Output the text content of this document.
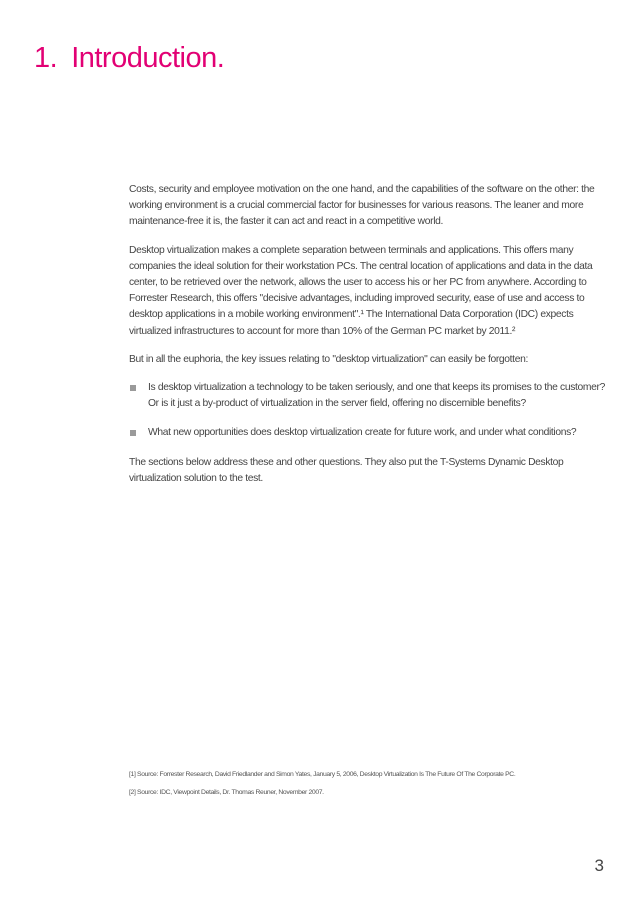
1. Introduction.

Costs, security and employee motivation on the one hand, and the capabilities of the software on the other: the working environment is a crucial commercial factor for businesses for various reasons. The leaner and more maintenance-free it is, the faster it can act and react in a competitive world.

Desktop virtualization makes a complete separation between terminals and applications. This offers many companies the ideal solution for their workstation PCs. The central location of applications and data in the data center, to be retrieved over the network, allows the user to access his or her PC from anywhere. According to Forrester Research, this offers "decisive advantages, including improved security, ease of use and access to desktop applications in a mobile working environment".¹ The International Data Corporation (IDC) expects virtualized infrastructures to account for more than 10% of the German PC market by 2011.²

But in all the euphoria, the key issues relating to "desktop virtualization" can easily be forgotten:

Is desktop virtualization a technology to be taken seriously, and one that keeps its promises to the customer? Or is it just a by-product of virtualization in the server field, offering no discernible benefits?
What new opportunities does desktop virtualization create for future work, and under what conditions?

The sections below address these and other questions. They also put the T-Systems Dynamic Desktop virtualization solution to the test.

[1] Source: Forrester Research, David Friedlander and Simon Yates, January 5, 2006, Desktop Virtualization Is The Future Of The Corporate PC.
[2] Source: IDC, Viewpoint Details, Dr. Thomas Reuner, November 2007.
3
